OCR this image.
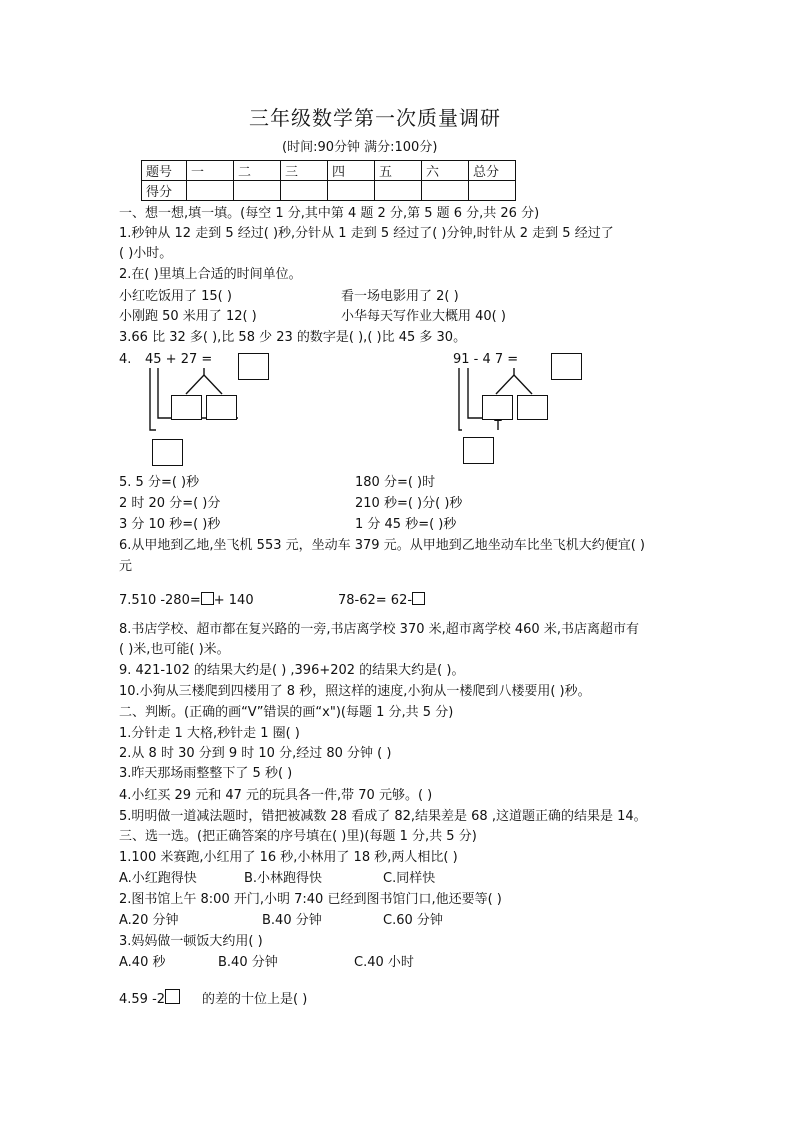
三年级数学第一次质量调研
(时间:90分钟 满分:100分)
题号	一	二	三	四	五	六	总分
得分							
一、想一想,填一填。(每空 1 分,其中第 4 题 2 分,第 5 题 6 分,共 26 分)
1.秒钟从 12 走到 5 经过( )秒,分针从 1 走到 5 经过了( )分钟,时针从 2 走到 5 经过了
( )小时。
2.在( )里填上合适的时间单位。
小红吃饭用了 15( )	看一场电影用了 2( )
小刚跑 50 米用了 12( )	小华每天写作业大概用 40( )
3.66 比 32 多( ),比 58 少 23 的数字是( ),( )比 45 多 30。
4. 45 + 27 =	91 - 4 7 =
5. 5 分=( )秒	180 分=( )时
2 时 20 分=( )分	210 秒=( )分( )秒
3 分 10 秒=( )秒	1 分 45 秒=( )秒
6.从甲地到乙地,坐飞机 553 元，坐动车 379 元。从甲地到乙地坐动车比坐飞机大约便宜( )
元
7.510 -280= + 140	78-62= 62-
8.书店学校、超市都在复兴路的一旁,书店离学校 370 米,超市离学校 460 米,书店离超市有
( )米,也可能( )米。
9. 421-102 的结果大约是( ) ,396+202 的结果大约是( )。
10.小狗从三楼爬到四楼用了 8 秒，照这样的速度,小狗从一楼爬到八楼要用( )秒。
二、判断。(正确的画“V”错误的画“x")(每题 1 分,共 5 分)
1.分针走 1 大格,秒针走 1 圈( )
2.从 8 时 30 分到 9 时 10 分,经过 80 分钟 ( )
3.昨天那场雨整整下了 5 秒( )
4.小红买 29 元和 47 元的玩具各一件,带 70 元够。( )
5.明明做一道减法题时，错把被减数 28 看成了 82,结果差是 68 ,这道题正确的结果是 14。
三、选一选。(把正确答案的序号填在( )里)(每题 1 分,共 5 分)
1.100 米赛跑,小红用了 16 秒,小林用了 18 秒,两人相比( )
A.小红跑得快	B.小林跑得快	C.同样快
2.图书馆上午 8:00 开门,小明 7:40 已经到图书馆门口,他还要等( )
A.20 分钟	B.40 分钟	C.60 分钟
3.妈妈做一顿饭大约用( )
A.40 秒	B.40 分钟	C.40 小时
4.59 -2	的差的十位上是( )
